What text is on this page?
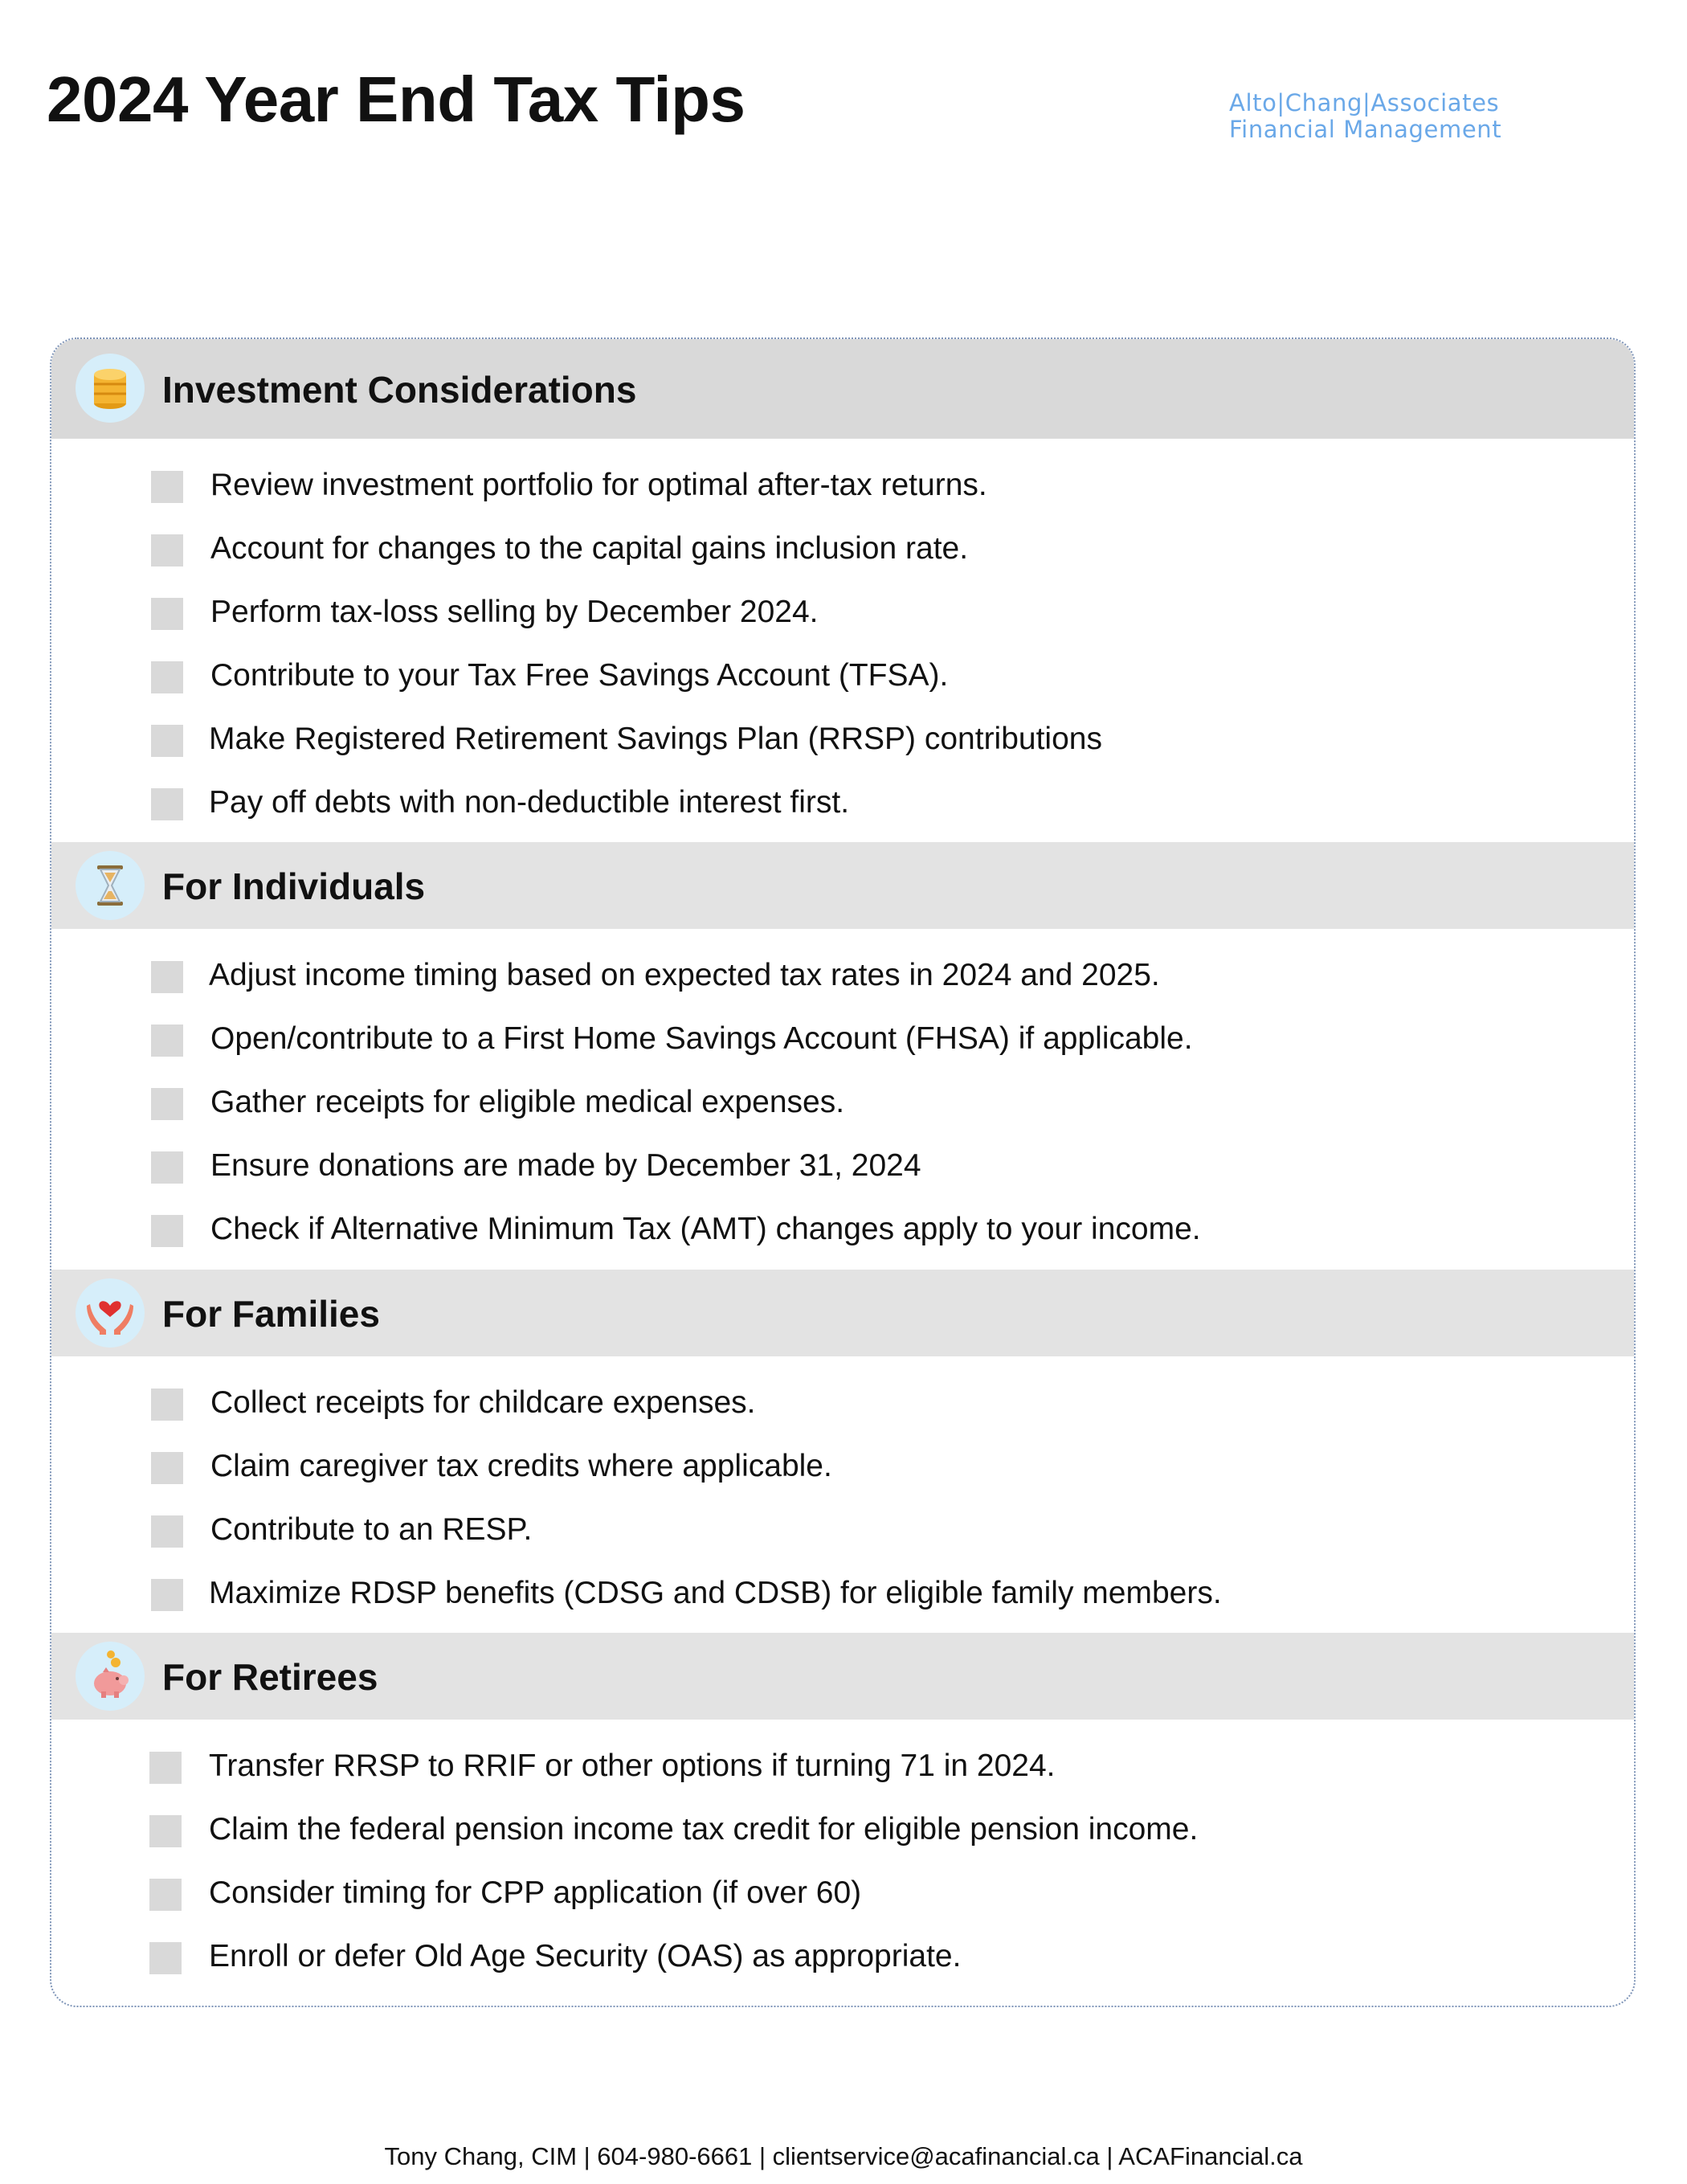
2024 Year End Tax Tips	Alto|Chang|Associates
Financial Management
Investment Considerations
Review investment portfolio for optimal after-tax returns.
Account for changes to the capital gains inclusion rate.
Perform tax-loss selling by December 2024.
Contribute to your Tax Free Savings Account (TFSA).
Make Registered Retirement Savings Plan (RRSP) contributions
Pay off debts with non-deductible interest first.
For Individuals
Adjust income timing based on expected tax rates in 2024 and 2025.
Open/contribute to a First Home Savings Account (FHSA) if applicable.
Gather receipts for eligible medical expenses.
Ensure donations are made by December 31, 2024
Check if Alternative Minimum Tax (AMT) changes apply to your income.
For Families
Collect receipts for childcare expenses.
Claim caregiver tax credits where applicable.
Contribute to an RESP.
Maximize RDSP benefits (CDSG and CDSB) for eligible family members.
For Retirees
Transfer RRSP to RRIF or other options if turning 71 in 2024.
Claim the federal pension income tax credit for eligible pension income.
Consider timing for CPP application (if over 60)
Enroll or defer Old Age Security (OAS) as appropriate.
Tony Chang, CIM | 604-980-6661 | clientservice@acafinancial.ca | ACAFinancial.ca
